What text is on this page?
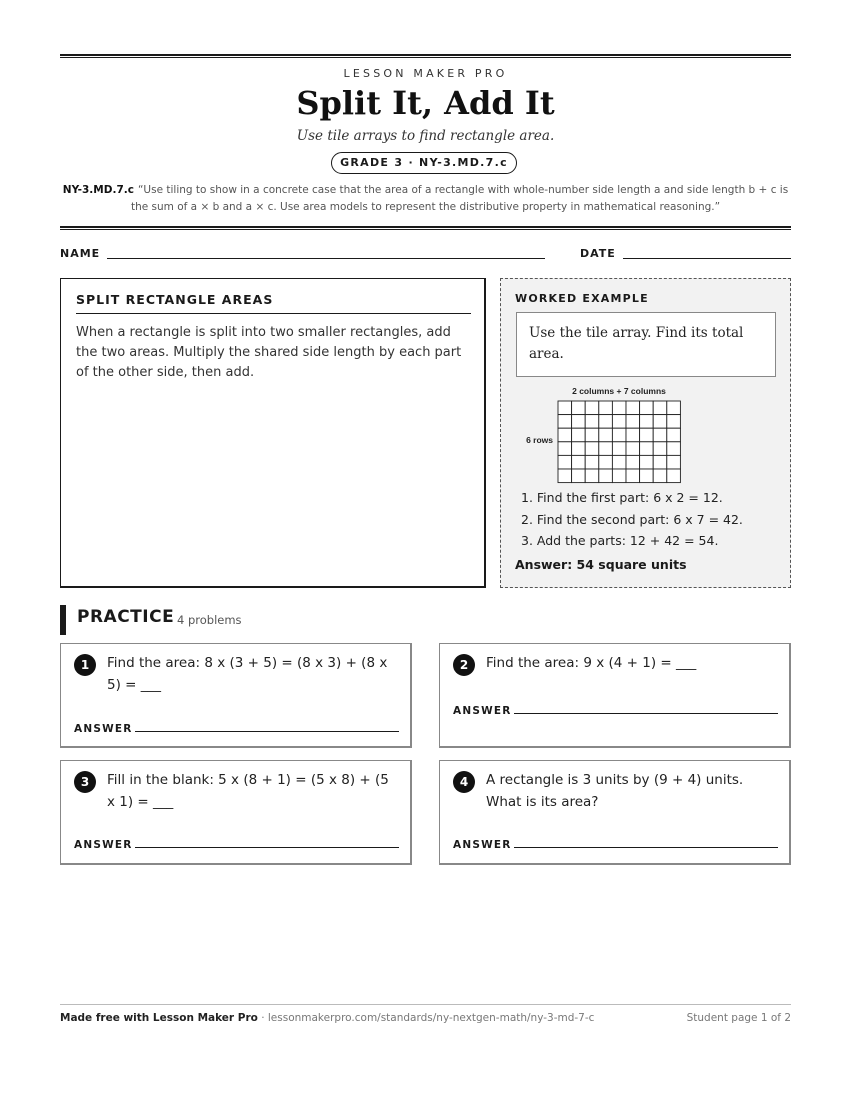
LESSON MAKER PRO
Split It, Add It
Use tile arrays to find rectangle area.
GRADE 3 · NY-3.MD.7.c
NY-3.MD.7.c “Use tiling to show in a concrete case that the area of a rectangle with whole-number side length a and side length b + c is the sum of a × b and a × c. Use area models to represent the distributive property in mathematical reasoning.”
NAME	DATE
SPLIT RECTANGLE AREAS
When a rectangle is split into two smaller rectangles, add the two areas. Multiply the shared side length by each part of the other side, then add.
WORKED EXAMPLE
Use the tile array. Find its total area.
2 columns + 7 columns
6 rows
1. Find the first part: 6 x 2 = 12.
2. Find the second part: 6 x 7 = 42.
3. Add the parts: 12 + 42 = 54.
Answer: 54 square units
PRACTICE 4 problems
1	Find the area: 8 x (3 + 5) = (8 x 3) + (8 x 5) = ___
ANSWER
2	Find the area: 9 x (4 + 1) = ___
ANSWER
3	Fill in the blank: 5 x (8 + 1) = (5 x 8) + (5 x 1) = ___
ANSWER
4	A rectangle is 3 units by (9 + 4) units. What is its area?
ANSWER
Made free with Lesson Maker Pro · lessonmakerpro.com/standards/ny-nextgen-math/ny-3-md-7-c	Student page 1 of 2
